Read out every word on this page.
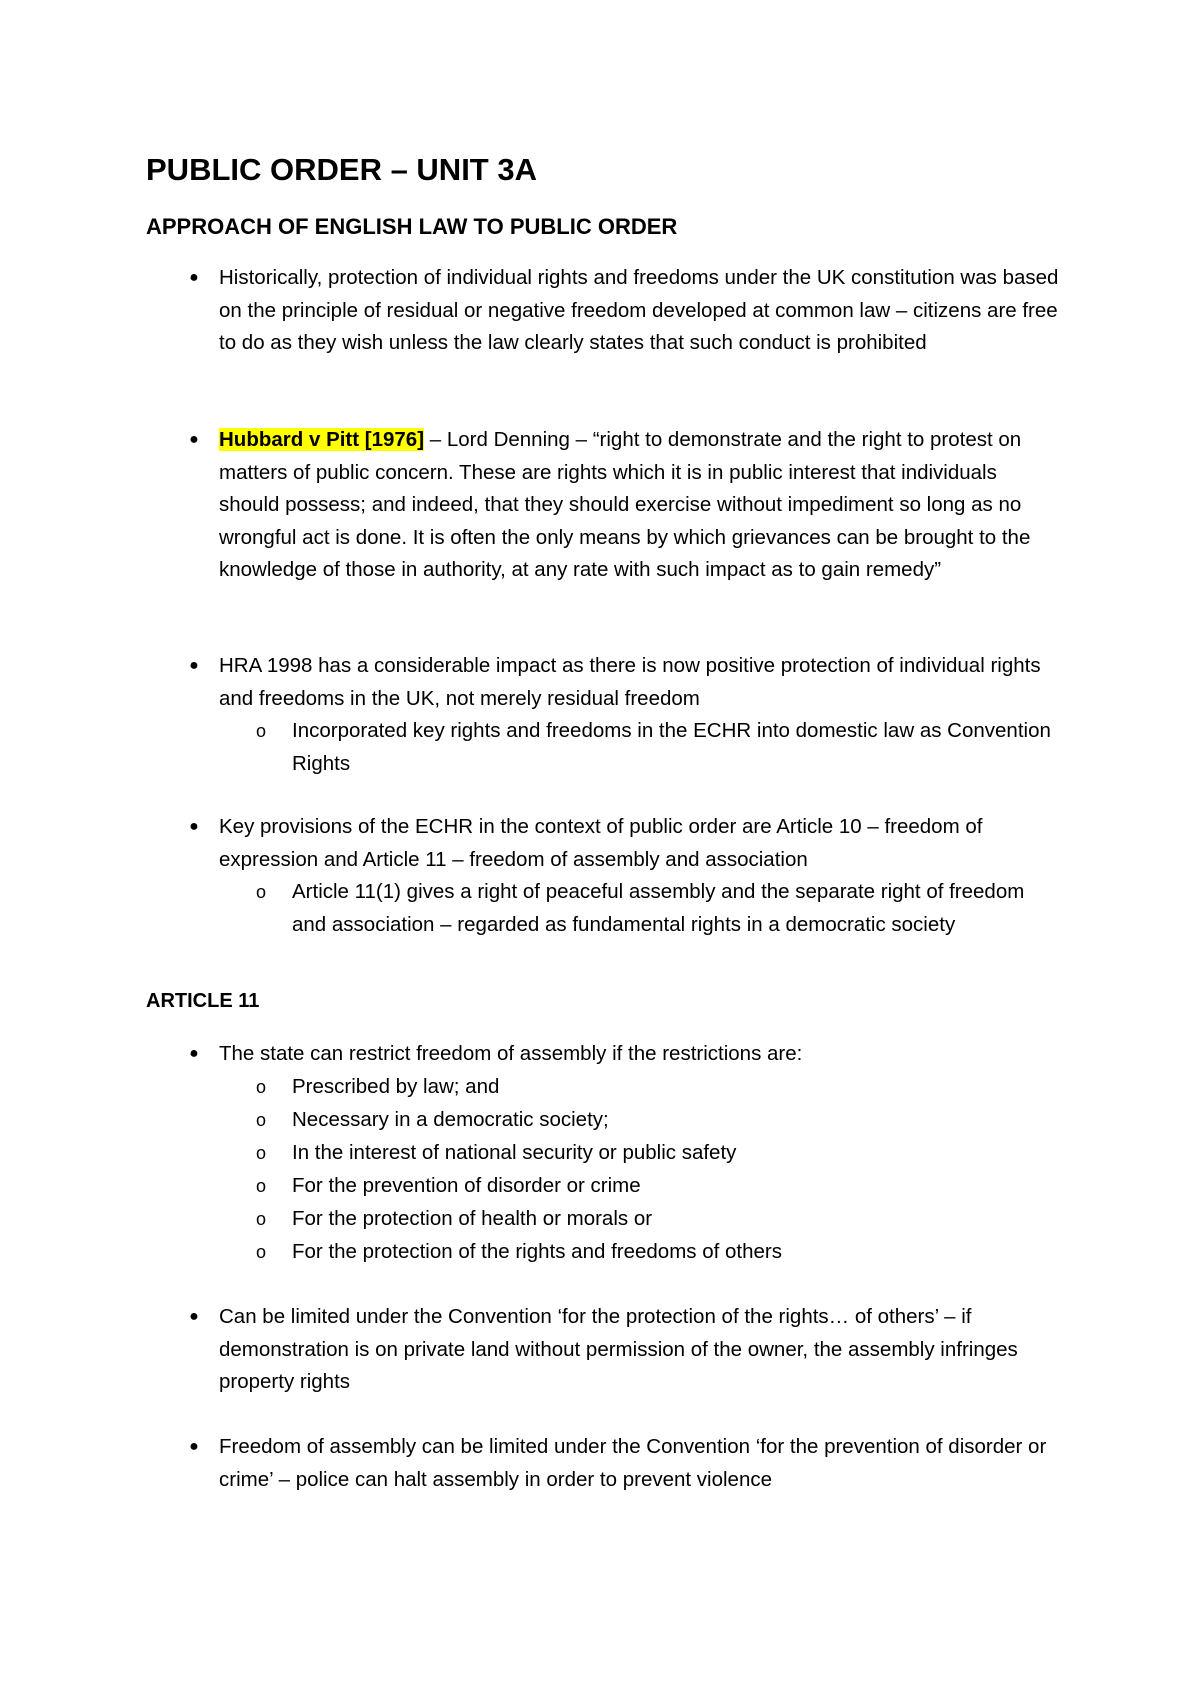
PUBLIC ORDER – UNIT 3A
APPROACH OF ENGLISH LAW TO PUBLIC ORDER
● Historically, protection of individual rights and freedoms under the UK constitution was based on the principle of residual or negative freedom developed at common law – citizens are free to do as they wish unless the law clearly states that such conduct is prohibited
● Hubbard v Pitt [1976] – Lord Denning – “right to demonstrate and the right to protest on matters of public concern. These are rights which it is in public interest that individuals should possess; and indeed, that they should exercise without impediment so long as no wrongful act is done. It is often the only means by which grievances can be brought to the knowledge of those in authority, at any rate with such impact as to gain remedy”
● HRA 1998 has a considerable impact as there is now positive protection of individual rights and freedoms in the UK, not merely residual freedom
o Incorporated key rights and freedoms in the ECHR into domestic law as Convention Rights
● Key provisions of the ECHR in the context of public order are Article 10 – freedom of expression and Article 11 – freedom of assembly and association
o Article 11(1) gives a right of peaceful assembly and the separate right of freedom and association – regarded as fundamental rights in a democratic society
ARTICLE 11
● The state can restrict freedom of assembly if the restrictions are:
o Prescribed by law; and
o Necessary in a democratic society;
o In the interest of national security or public safety
o For the prevention of disorder or crime
o For the protection of health or morals or
o For the protection of the rights and freedoms of others
● Can be limited under the Convention ‘for the protection of the rights… of others’ – if demonstration is on private land without permission of the owner, the assembly infringes property rights
● Freedom of assembly can be limited under the Convention ‘for the prevention of disorder or crime’ – police can halt assembly in order to prevent violence
